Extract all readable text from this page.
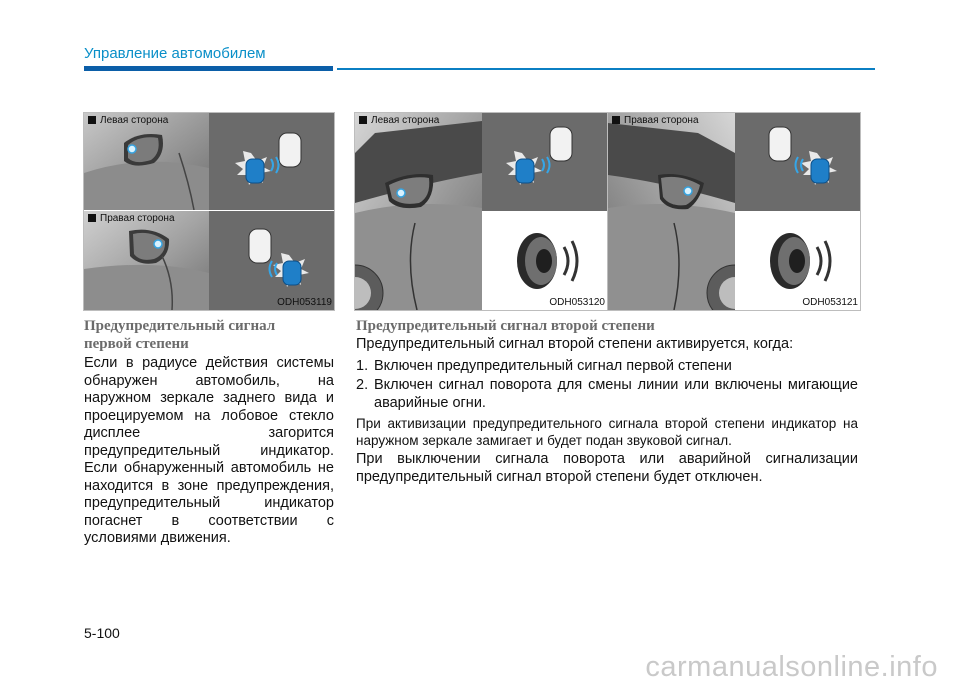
Управление автомобилем
Левая сторона
Правая сторона
ODH053119
Левая сторона
ODH053120
Правая сторона
ODH053121
Предупредительный сигнал
первой степени
Если в радиусе действия системы обнаружен автомобиль, на наружном зеркале заднего вида и проецируемом на лобовое стекло дисплее загорится предупредительный индикатор. Если обнаруженный автомобиль не находится в зоне предупреждения, предупредительный индикатор погаснет в соответствии с условиями движения.
Предупредительный сигнал второй степени
Предупредительный сигнал второй степени активируется, когда:
1. Включен предупредительный сигнал первой степени
2. Включен сигнал поворота для смены линии или включены мигающие аварийные огни.
При активизации предупредительного сигнала второй степени индикатор на наружном зеркале замигает и будет подан звуковой сигнал.
При выключении сигнала поворота или аварийной сигнализации предупредительный сигнал второй степени будет отключен.
5-100
carmanualsonline.info
